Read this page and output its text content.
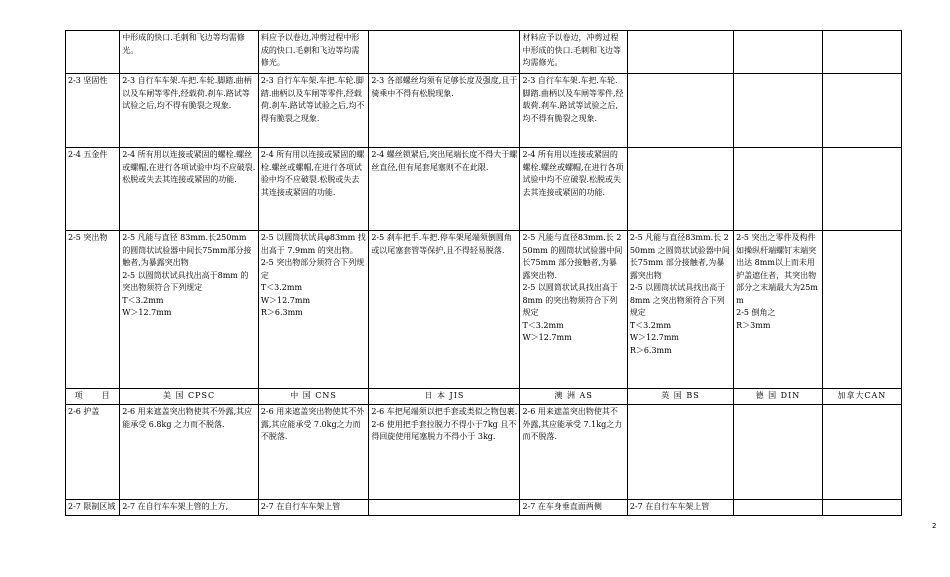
	中形成的快口.毛刺和飞边等均需修光。	料应予以卷边,冲剪过程中形成的快口.毛刺和飞边等均需修光。		材料应予以卷边，冲剪过程中形成的快口.毛刺和飞边等均需修光。			
2-3 坚固性	2-3 自行车车架.车把.车轮.脚踏.曲柄以及车闸等零件,经载荷.刹车.路试等试验之后,均不得有脆裂之现象.	2-3 自行车车架.车把.车轮.脚踏.曲柄以及车闸等零件,经载荷.刹车.路试等试验之后,均不得有脆裂之现象.	2-3 各部螺丝均须有足够长度及强度,且于骑乘中不得有松脱现象.	2-3 自行车车架.车把.车轮.脚踏.曲柄以及车闸等零件,经载荷.刹车.路试等试验之后,均不得有脆裂之现象.			
2-4 五金件	2-4 所有用以连接或紧固的螺栓.螺丝或螺帽,在进行各项试验中均不应破裂.松脱或失去其连接或紧固的功能.	2-4 所有用以连接或紧固的螺栓.螺丝或螺帽,在进行各项试验中均不应破裂.松脱或失去其连接或紧固的功能.	2-4 螺丝锁紧后,突出尾端长度不得大于螺丝直径,但有尾套尾塞则不在此限.	2-4 所有用以连接或紧固的螺栓.螺丝或螺帽,在进行各项试验中均不应破裂.松脱或失去其连接或紧固的功能.			
2-5 突出物	2-5 凡能与直径 83mm.长250mm 的圆筒状试验器中间长75mm部分接触者,为暴露突出物
2-5 以圆筒状试具找出高于8mm 的突出物须符合下列规定
T＜3.2mm
W＞12.7mm	2-5 以圆筒状试具φ83mm 找出高于 7.9mm 的突出物。
2-5 突出物部分须符合下列规定
T＜3.2mm
W＞12.7mm
R＞6.3mm	2-5 刹车把手.车把.停车架尾端须倒圆角或以尾塞套管等保护,且不得轻易脱落.	2-5 凡能与直径83mm.长 250mm 的圆筒状试验器中间长75mm 部分接触者,为暴露突出物.
2-5 以圆筒状试具找出高于 8mm 的突出物须符合下列规定
T＜3.2mm
W＞12.7mm	2-5 凡能与直径83mm.长 250mm 之圆筒状试验器中间长75mm 部分接触者,为暴露突出物
2-5 以圆筒状试具找出高于 8mm 之突出物须符合下列规定
T＜3.2mm
W＞12.7mm
R＞6.3mm	2-5 突出之零件及构件如操纵杆端螺钉末端突出达 8mm以上而未用护盖遮住者，其突出物部分之末端最大为25mm
2-5 倒角之
R＞3mm	
项　　目	美 国 CPSC	中 国 CNS	日 本 JIS	澳 洲 AS	英 国 BS	德 国 DIN	加拿大CAN
2-6 护盖	2-6 用来遮盖突出物使其不外露,其应能承受 6.8kg 之力而不脱落.	2-6 用来遮盖突出物使其不外露,其应能承受 7.0kg之力而不脱落.	2-6 车把尾端须以把手套或类似之物包裹.
2-6 使用把手套拉脱力不得小于7kg 且不得回旋使用尾塞脱力不得小于 3kg.	2-6 用来遮盖突出物使其不外露,其应能承受 7.1kg之力而不脱落.			
2-7 限制区域	2-7 在自行车车架上管的上方,	2-7 在自行车车架上管		2-7 在车身垂直面两侧	2-7 在自行车车架上管		
2
